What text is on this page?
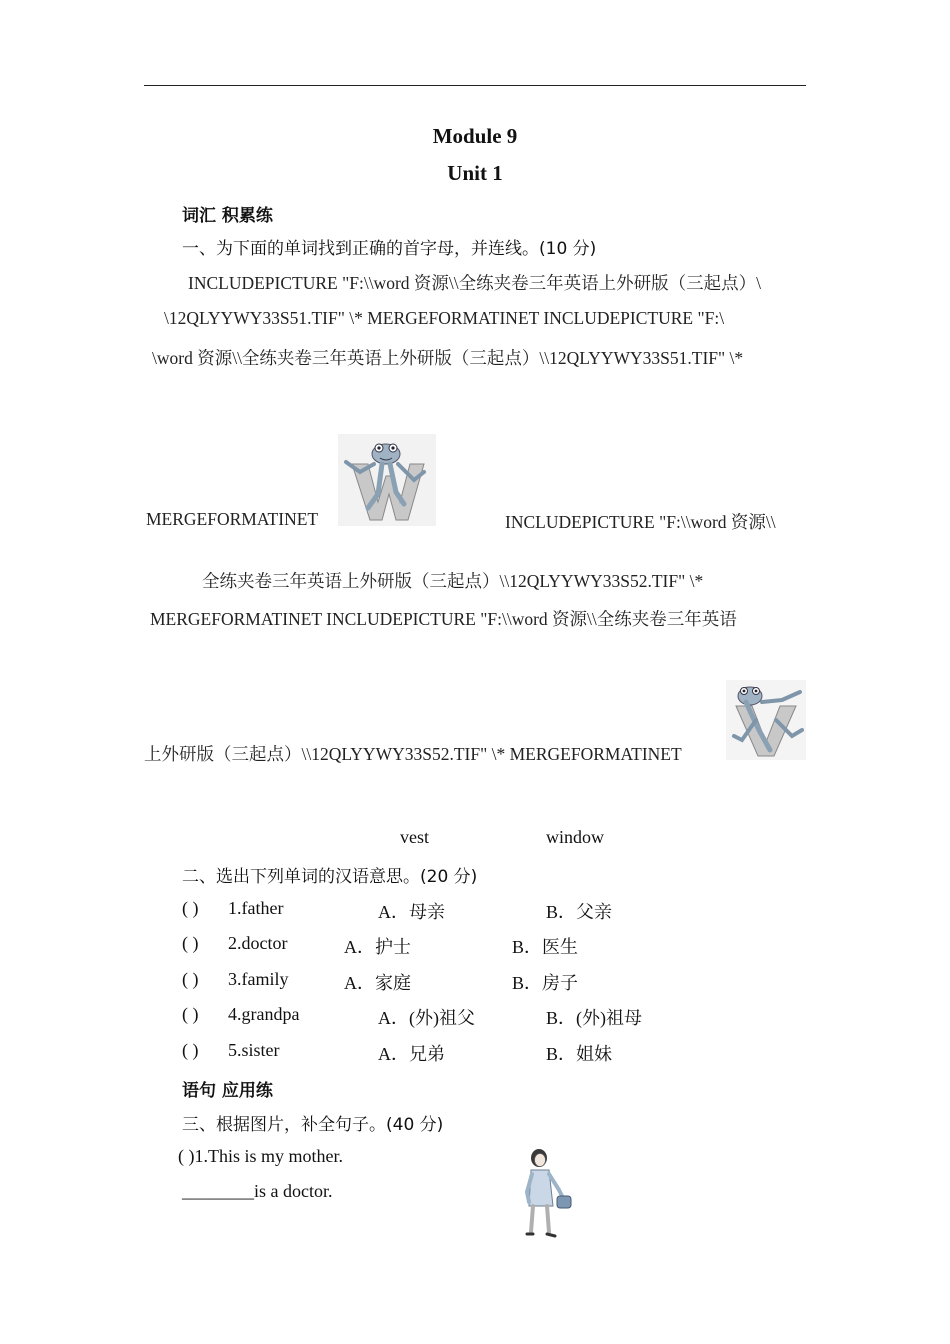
Module 9
Unit 1
词汇 积累练
一、为下面的单词找到正确的首字母，并连线。(10 分)
INCLUDEPICTURE "F:\\word 资源\\全练夹卷三年英语上外研版（三起点）\
\12QLYYWY33S51.TIF" \* MERGEFORMATINET INCLUDEPICTURE "F:\
\word 资源\\全练夹卷三年英语上外研版（三起点）\\12QLYYWY33S51.TIF" \*
MERGEFORMATINET	INCLUDEPICTURE "F:\\word 资源\\
全练夹卷三年英语上外研版（三起点）\\12QLYYWY33S52.TIF" \*
MERGEFORMATINET INCLUDEPICTURE "F:\\word 资源\\全练夹卷三年英语
上外研版（三起点）\\12QLYYWY33S52.TIF" \* MERGEFORMATINET
vest	window
二、选出下列单词的汉语意思。(20 分)
( ) 1.father	A．母亲	B．父亲
( ) 2.doctor	A．护士	B．医生
( ) 3.family	A．家庭	B．房子
( ) 4.grandpa	A．(外)祖父	B．(外)祖母
( ) 5.sister	A．兄弟	B．姐妹
语句 应用练
三、根据图片，补全句子。(40 分)
( )1.This is my mother.
________is a doctor.
